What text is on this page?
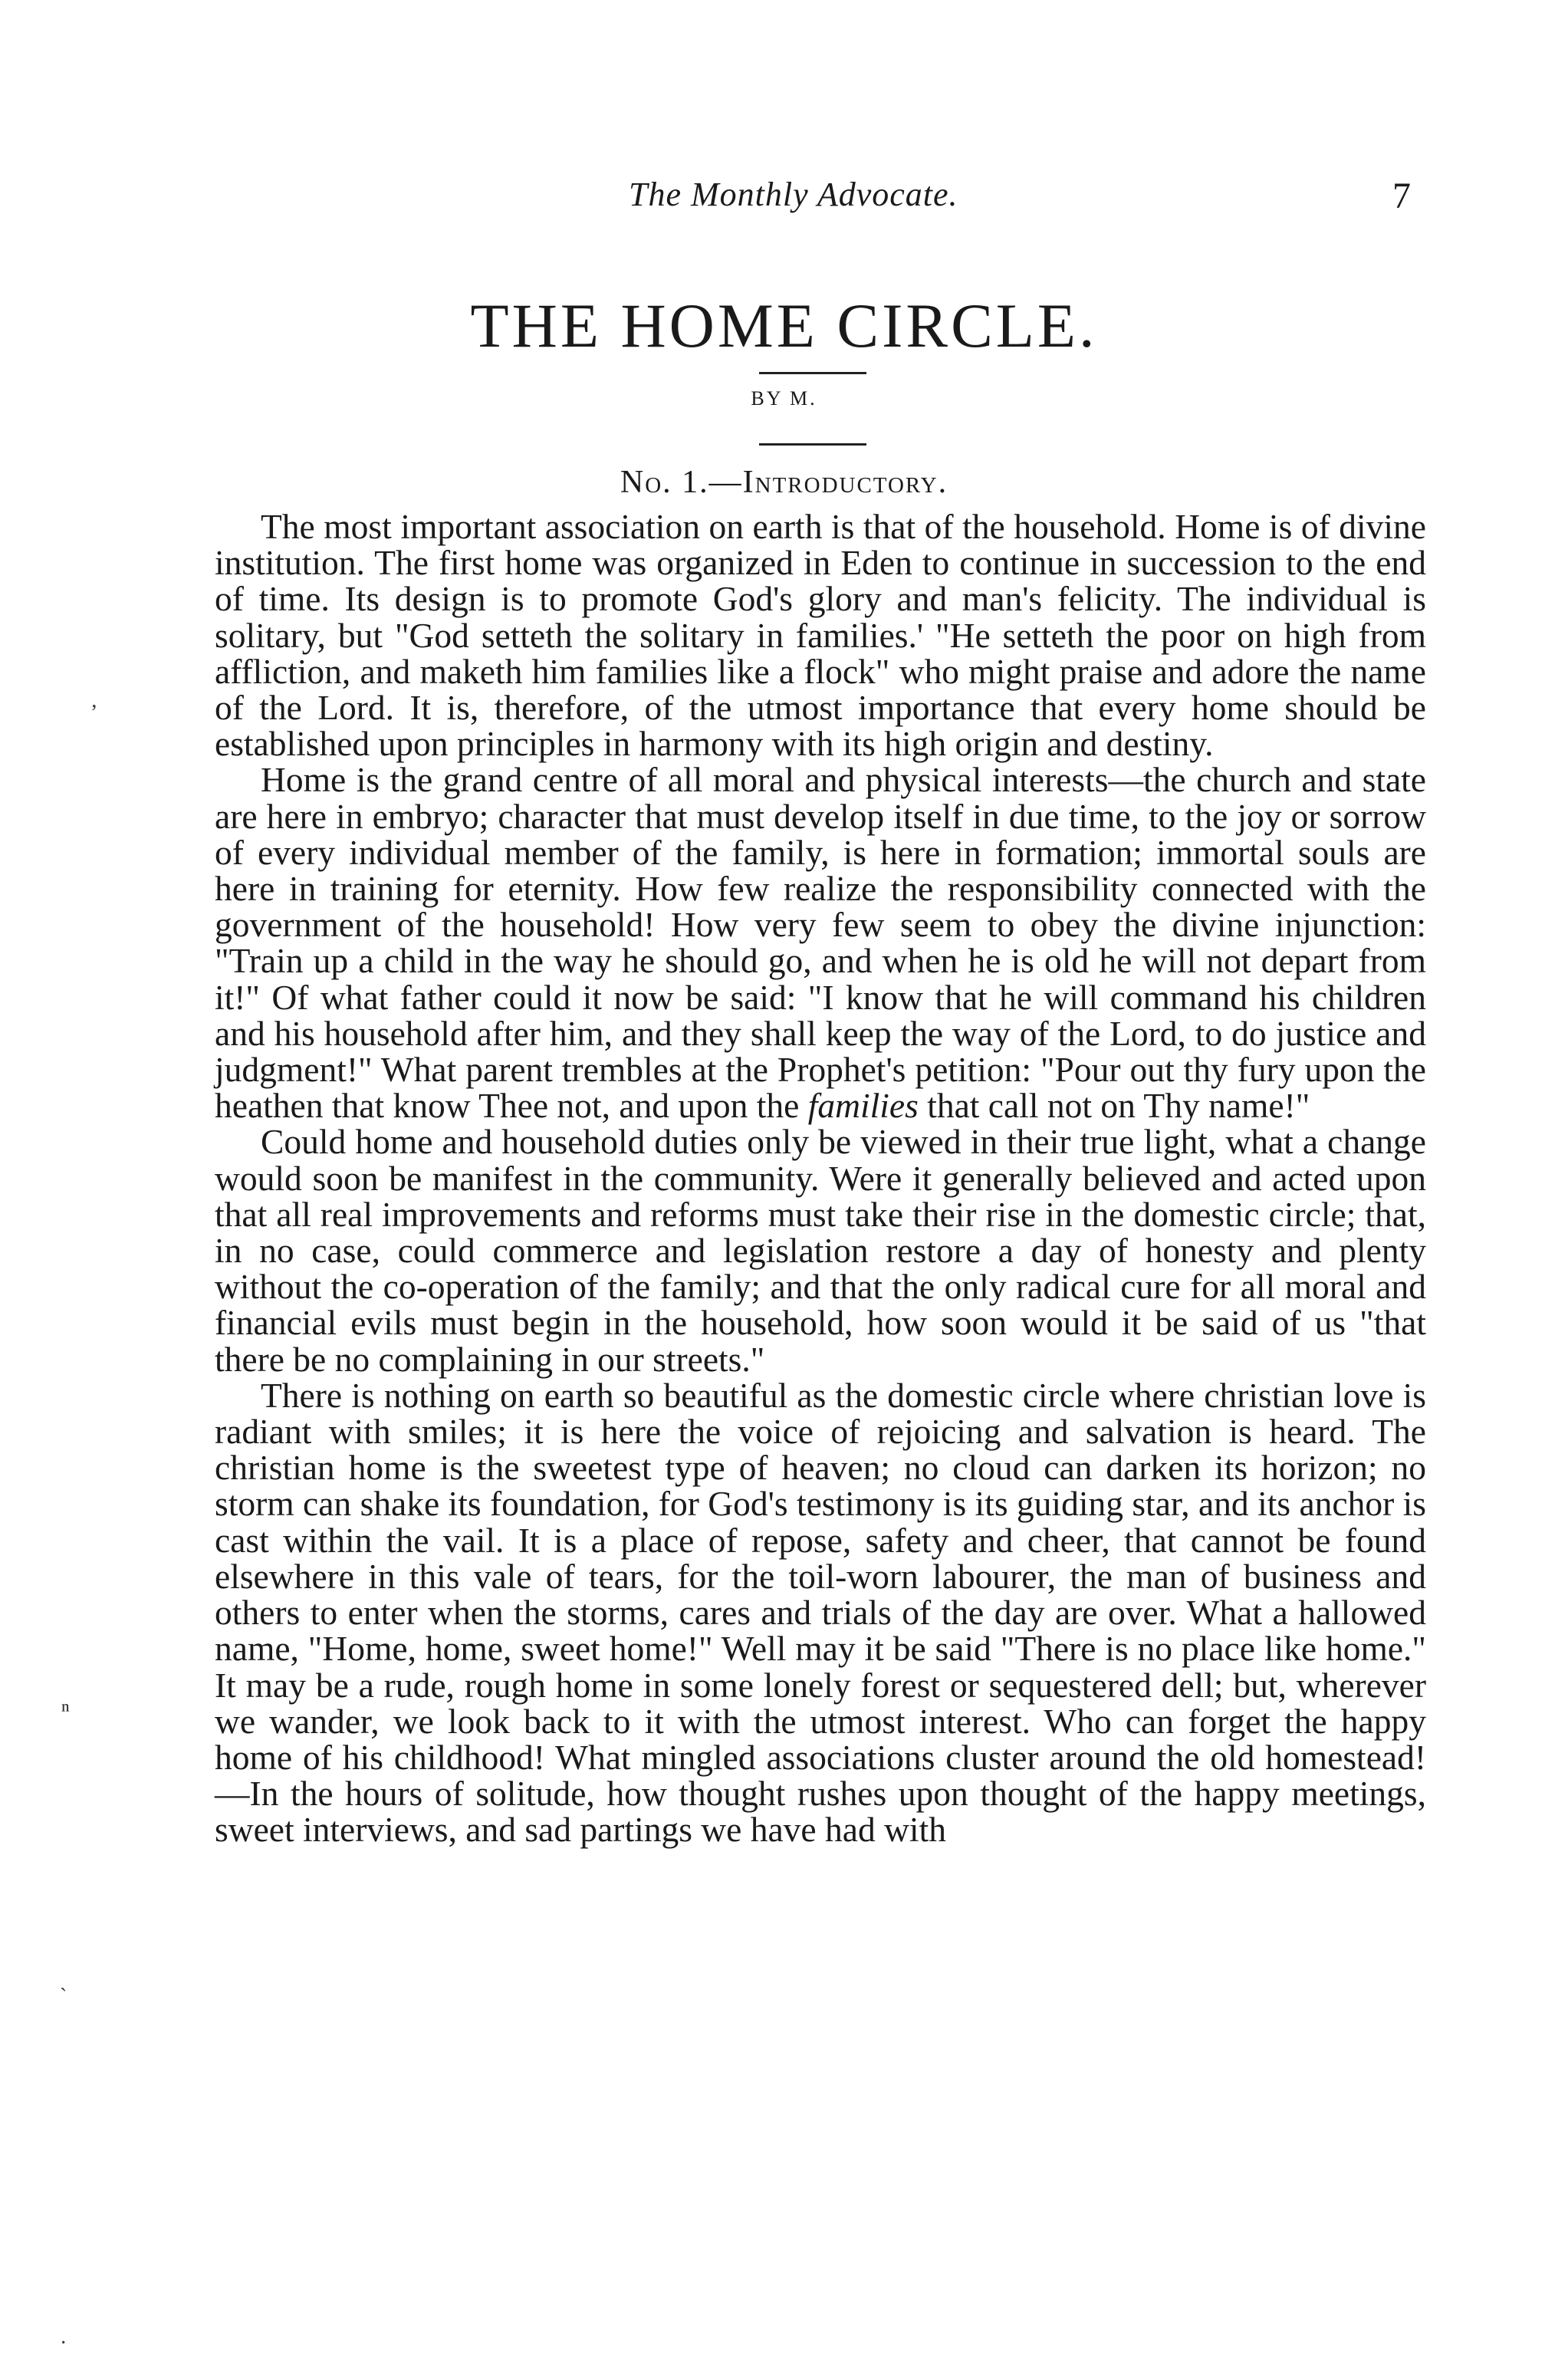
The Monthly Advocate.	7
THE HOME CIRCLE.
BY M.
No. 1.—Introductory.

The most important association on earth is that of the household. Home is of divine institution. The first home was organized in Eden to continue in succession to the end of time. Its design is to promote God's glory and man's felicity. The individual is solitary, but "God setteth the solitary in families.' "He setteth the poor on high from affliction, and maketh him families like a flock" who might praise and adore the name of the Lord. It is, therefore, of the utmost importance that every home should be established upon principles in harmony with its high origin and destiny.

Home is the grand centre of all moral and physical interests—the church and state are here in embryo; character that must develop itself in due time, to the joy or sorrow of every individual member of the family, is here in formation; immortal souls are here in training for eternity. How few realize the responsibility connected with the government of the household! How very few seem to obey the divine injunction: "Train up a child in the way he should go, and when he is old he will not depart from it!" Of what father could it now be said: "I know that he will command his children and his household after him, and they shall keep the way of the Lord, to do justice and judgment!" What parent trembles at the Prophet's petition: "Pour out thy fury upon the heathen that know Thee not, and upon the families that call not on Thy name!"

Could home and household duties only be viewed in their true light, what a change would soon be manifest in the community. Were it generally believed and acted upon that all real improvements and reforms must take their rise in the domestic circle; that, in no case, could commerce and legislation restore a day of honesty and plenty without the co-operation of the family; and that the only radical cure for all moral and financial evils must begin in the household, how soon would it be said of us "that there be no complaining in our streets."

There is nothing on earth so beautiful as the domestic circle where christian love is radiant with smiles; it is here the voice of rejoicing and salvation is heard. The christian home is the sweetest type of heaven; no cloud can darken its horizon; no storm can shake its foundation, for God's testimony is its guiding star, and its anchor is cast within the vail. It is a place of repose, safety and cheer, that cannot be found elsewhere in this vale of tears, for the toil-worn labourer, the man of business and others to enter when the storms, cares and trials of the day are over. What a hallowed name, "Home, home, sweet home!" Well may it be said "There is no place like home." It may be a rude, rough home in some lonely forest or sequestered dell; but, wherever we wander, we look back to it with the utmost interest. Who can forget the happy home of his childhood! What mingled associations cluster around the old homestead! —In the hours of solitude, how thought rushes upon thought of the happy meetings, sweet interviews, and sad partings we have had with

‚
ⁿ
ˋ
·
